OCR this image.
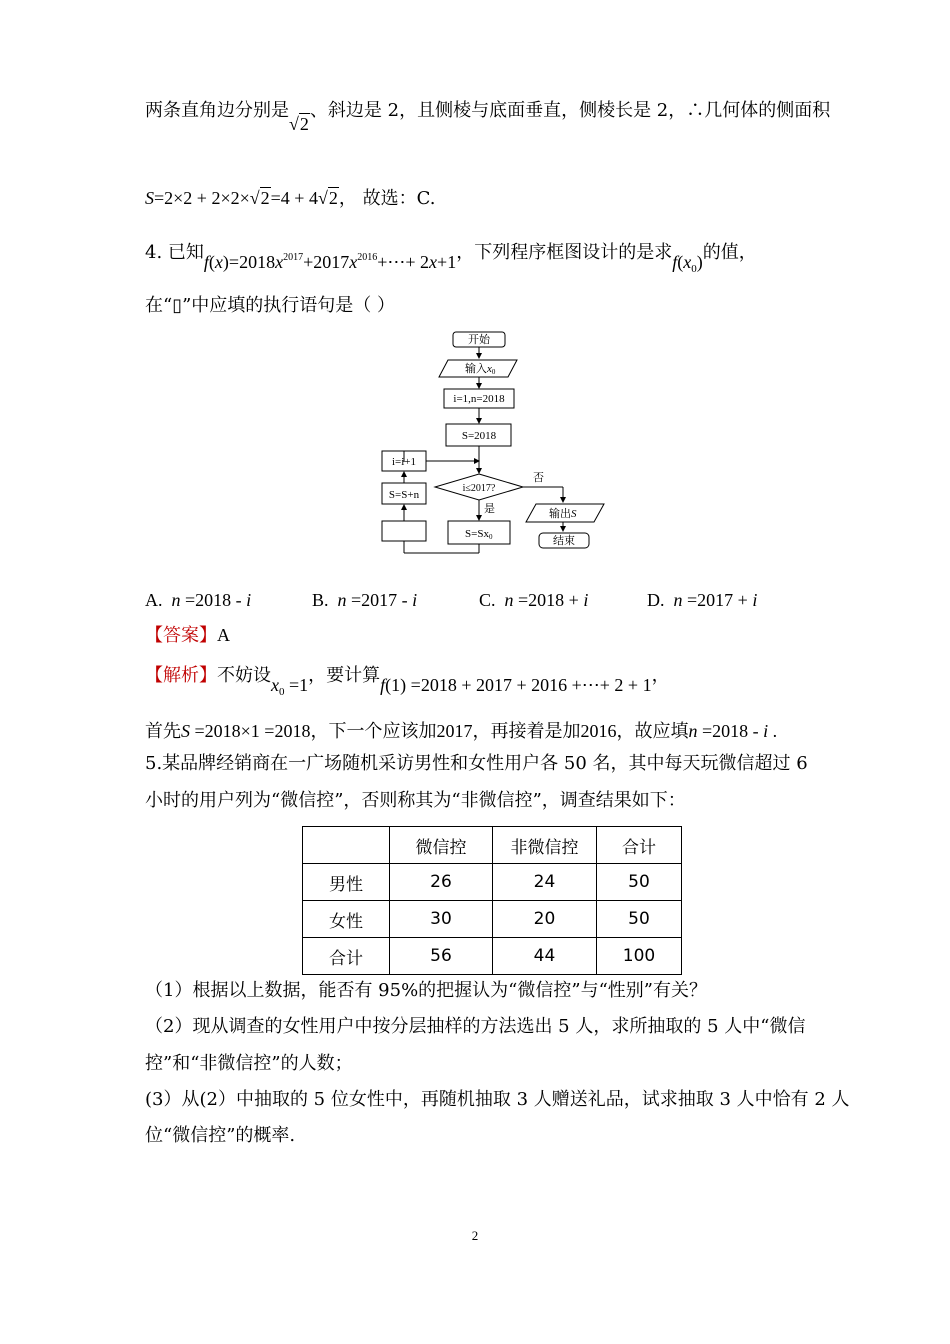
两条直角边分别是√2、斜边是 2，且侧棱与底面垂直，侧棱长是 2，∴几何体的侧面积
S=2×2 + 2×2×√2=4 + 4√2， 故选：C.
4. 已知$f(x)=2018x^{2017}+2017x^{2016}+\cdots+ 2x+1$，下列程序框图设计的是求$f(x_0)$的值，
在“▯”中应填的执行语句是（ ）
开始
输入x0
i=1,n=2018
S=2018
i=i+1
S=S+n
i≤2017?
否
是
S=Sx0
输出S
结束
A. n =2018 - i	B. n =2017 - i	C. n =2018 + i	D. n =2017 + i
【答案】A
【解析】不妨设$x_0 =1$，要计算f(1) =2018 + 2017 + 2016 +⋯+ 2 + 1，
首先S =2018×1 =2018，下一个应该加2017，再接着是加2016，故应填n =2018 - i .
5.某品牌经销商在一广场随机采访男性和女性用户各 50 名，其中每天玩微信超过 6
小时的用户列为“微信控”，否则称其为“非微信控”，调查结果如下：
	微信控	非微信控	合计
男性	26	24	50
女性	30	20	50
合计	56	44	100
（1）根据以上数据，能否有 95%的把握认为“微信控”与“性别”有关？
（2）现从调查的女性用户中按分层抽样的方法选出 5 人，求所抽取的 5 人中“微信
控”和“非微信控”的人数；
(3）从(2）中抽取的 5 位女性中，再随机抽取 3 人赠送礼品，试求抽取 3 人中恰有 2 人
位“微信控”的概率.
2
